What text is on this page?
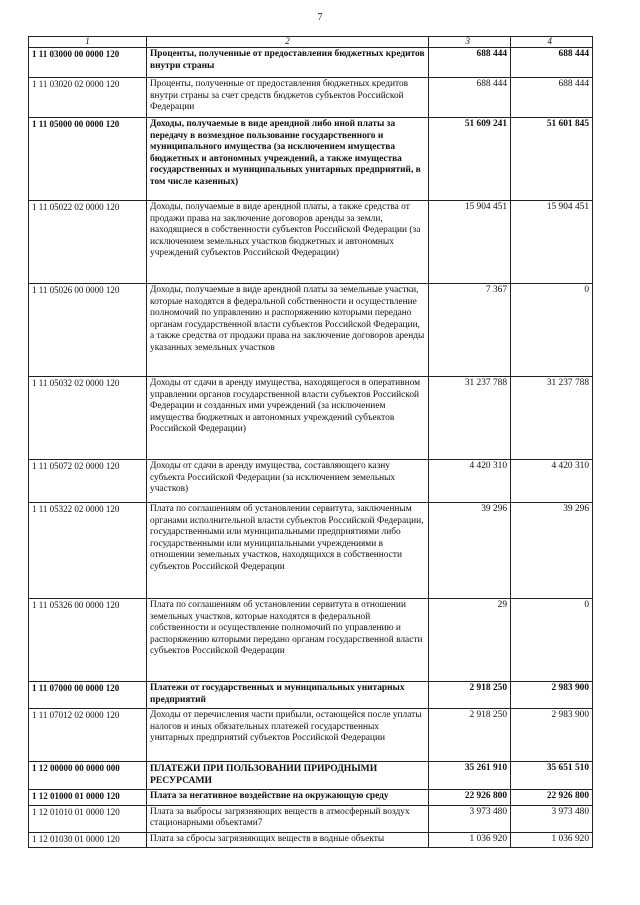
7
1	2	3	4
1 11 03000 00 0000 120	Проценты, полученные от предоставления бюджетных кредитов внутри страны	688 444	688 444
1 11 03020 02 0000 120	Проценты, полученные от предоставления бюджетных кредитов внутри страны за счет средств бюджетов субъектов Российской Федерации	688 444	688 444
1 11 05000 00 0000 120	Доходы, получаемые в виде арендной либо иной платы за передачу в возмездное пользование государственного и муниципального имущества (за исключением имущества бюджетных и автономных учреждений, а также имущества государственных и муниципальных унитарных предприятий, в том числе казенных)	51 609 241	51 601 845
1 11 05022 02 0000 120	Доходы, получаемые в виде арендной платы, а также средства от продажи права на заключение договоров аренды за земли, находящиеся в собственности субъектов Российской Федерации (за исключением земельных участков бюджетных и автономных учреждений субъектов Российской Федерации)	15 904 451	15 904 451
1 11 05026 00 0000 120	Доходы, получаемые в виде арендной платы за земельные участки, которые находятся в федеральной собственности и осуществление полномочий по управлению и распоряжению которыми передано органам государственной власти субъектов Российской Федерации, а также средства от продажи права на заключение договоров аренды указанных земельных участков	7 367	0
1 11 05032 02 0000 120	Доходы от сдачи в аренду имущества, находящегося в оперативном управлении органов государственной власти субъектов Российской Федерации и созданных ими учреждений (за исключением имущества бюджетных и автономных учреждений субъектов Российской Федерации)	31 237 788	31 237 788
1 11 05072 02 0000 120	Доходы от сдачи в аренду имущества, составляющего казну субъекта Российской Федерации (за исключением земельных участков)	4 420 310	4 420 310
1 11 05322 02 0000 120	Плата по соглашениям об установлении сервитута, заключенным органами исполнительной власти субъектов Российской Федерации, государственными или муниципальными предприятиями либо государственными или муниципальными учреждениями в отношении земельных участков, находящихся в собственности субъектов Российской Федерации	39 296	39 296
1 11 05326 00 0000 120	Плата по соглашениям об установлении сервитута в отношении земельных участков, которые находятся в федеральной собственности и осуществление полномочий по управлению и распоряжению которыми передано органам государственной власти субъектов Российской Федерации	29	0
1 11 07000 00 0000 120	Платежи от государственных и муниципальных унитарных предприятий	2 918 250	2 983 900
1 11 07012 02 0000 120	Доходы от перечисления части прибыли, остающейся после уплаты налогов и иных обязательных платежей государственных унитарных предприятий субъектов Российской Федерации	2 918 250	2 983 900
1 12 00000 00 0000 000	ПЛАТЕЖИ ПРИ ПОЛЬЗОВАНИИ ПРИРОДНЫМИ РЕСУРСАМИ	35 261 910	35 651 510
1 12 01000 01 0000 120	Плата за негативное воздействие на окружающую среду	22 926 800	22 926 800
1 12 01010 01 0000 120	Плата за выбросы загрязняющих веществ в атмосферный воздух стационарными объектами7	3 973 480	3 973 480
1 12 01030 01 0000 120	Плата за сбросы загрязняющих веществ в водные объекты	1 036 920	1 036 920
